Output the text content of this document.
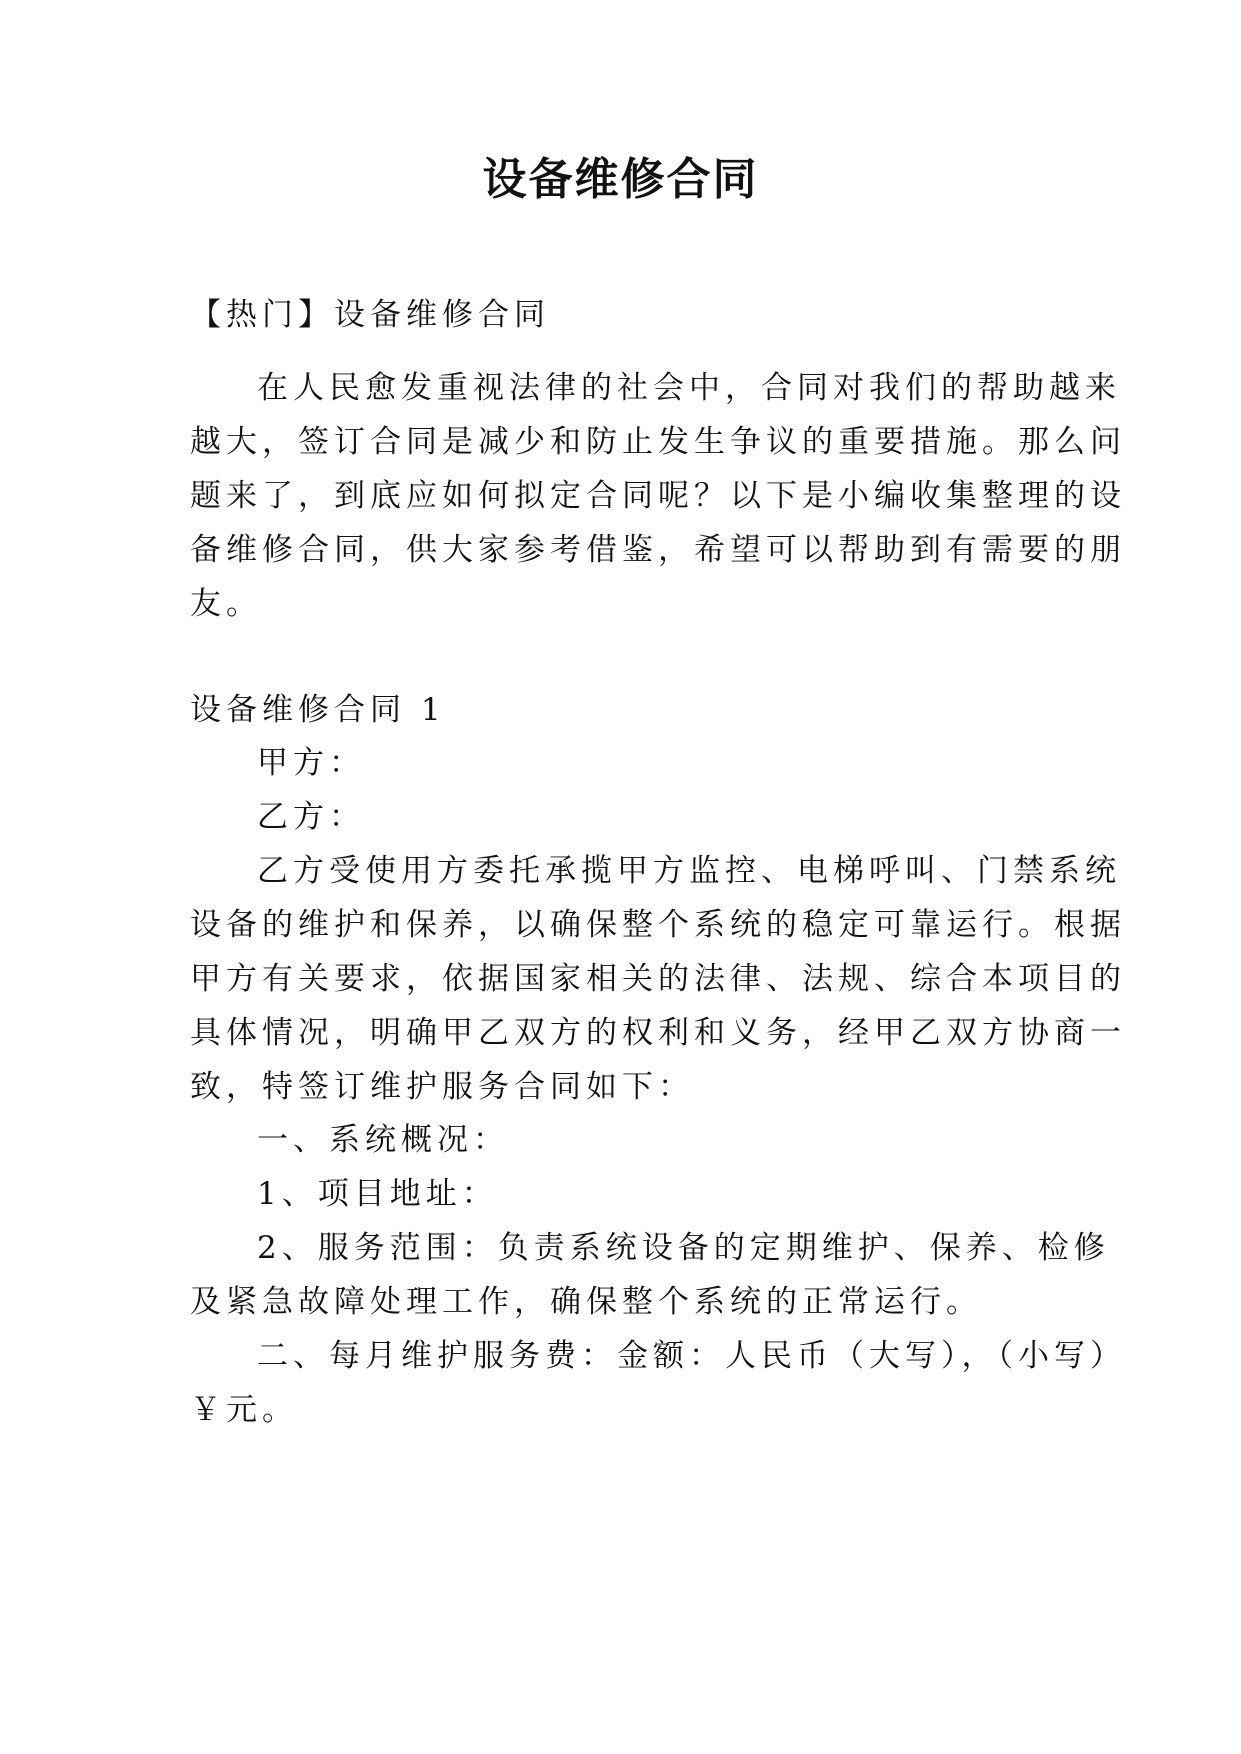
设备维修合同
【热门】设备维修合同
在人民愈发重视法律的社会中，合同对我们的帮助越来
越大，签订合同是减少和防止发生争议的重要措施。那么问
题来了，到底应如何拟定合同呢？以下是小编收集整理的设
备维修合同，供大家参考借鉴，希望可以帮助到有需要的朋
友。
设备维修合同 1
甲方：
乙方：
乙方受使用方委托承揽甲方监控、电梯呼叫、门禁系统
设备的维护和保养，以确保整个系统的稳定可靠运行。根据
甲方有关要求，依据国家相关的法律、法规、综合本项目的
具体情况，明确甲乙双方的权利和义务，经甲乙双方协商一
致，特签订维护服务合同如下：
一、系统概况：
1、项目地址：
2、服务范围：负责系统设备的定期维护、保养、检修
及紧急故障处理工作，确保整个系统的正常运行。
二、每月维护服务费：金额：人民币（大写），（小写）
￥元。
